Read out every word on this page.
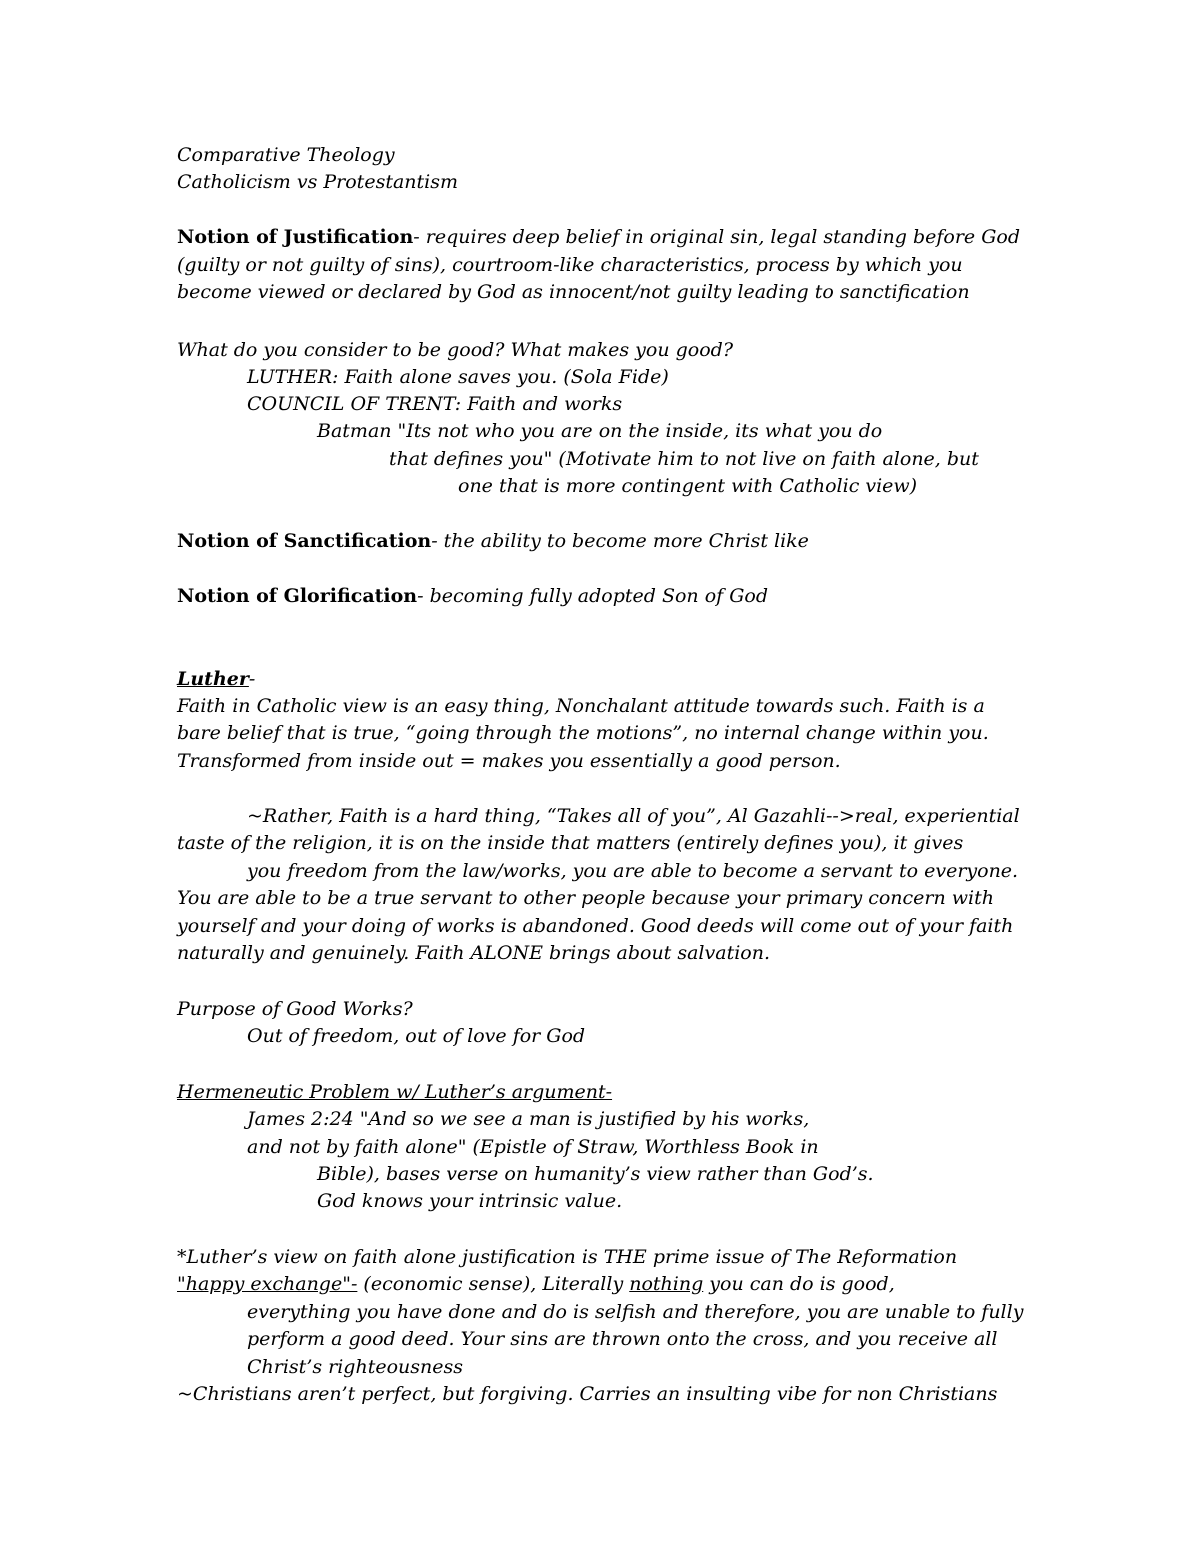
Comparative Theology
Catholicism vs Protestantism
Notion of Justification- requires deep belief in original sin, legal standing before God
(guilty or not guilty of sins), courtroom-like characteristics, process by which you
become viewed or declared by God as innocent/not guilty leading to sanctification
What do you consider to be good? What makes you good?
LUTHER: Faith alone saves you. (Sola Fide)
COUNCIL OF TRENT: Faith and works
Batman "Its not who you are on the inside, its what you do
that defines you" (Motivate him to not live on faith alone, but
one that is more contingent with Catholic view)
Notion of Sanctification- the ability to become more Christ like
Notion of Glorification- becoming fully adopted Son of God
Luther-
Faith in Catholic view is an easy thing, Nonchalant attitude towards such. Faith is a
bare belief that is true, “going through the motions”, no internal change within you.
Transformed from inside out = makes you essentially a good person.
~Rather, Faith is a hard thing, “Takes all of you”, Al Gazahli-->real, experiential
taste of the religion, it is on the inside that matters (entirely defines you), it gives
you freedom from the law/works, you are able to become a servant to everyone.
You are able to be a true servant to other people because your primary concern with
yourself and your doing of works is abandoned. Good deeds will come out of your faith
naturally and genuinely. Faith ALONE brings about salvation.
Purpose of Good Works?
Out of freedom, out of love for God
Hermeneutic Problem w/ Luther’s argument-
James 2:24 "And so we see a man is justified by his works,
and not by faith alone" (Epistle of Straw, Worthless Book in
Bible), bases verse on humanity’s view rather than God’s.
God knows your intrinsic value.
*Luther’s view on faith alone justification is THE prime issue of The Reformation
"happy exchange"- (economic sense), Literally nothing you can do is good,
everything you have done and do is selfish and therefore, you are unable to fully
perform a good deed. Your sins are thrown onto the cross, and you receive all
Christ’s righteousness
~Christians aren’t perfect, but forgiving. Carries an insulting vibe for non Christians
